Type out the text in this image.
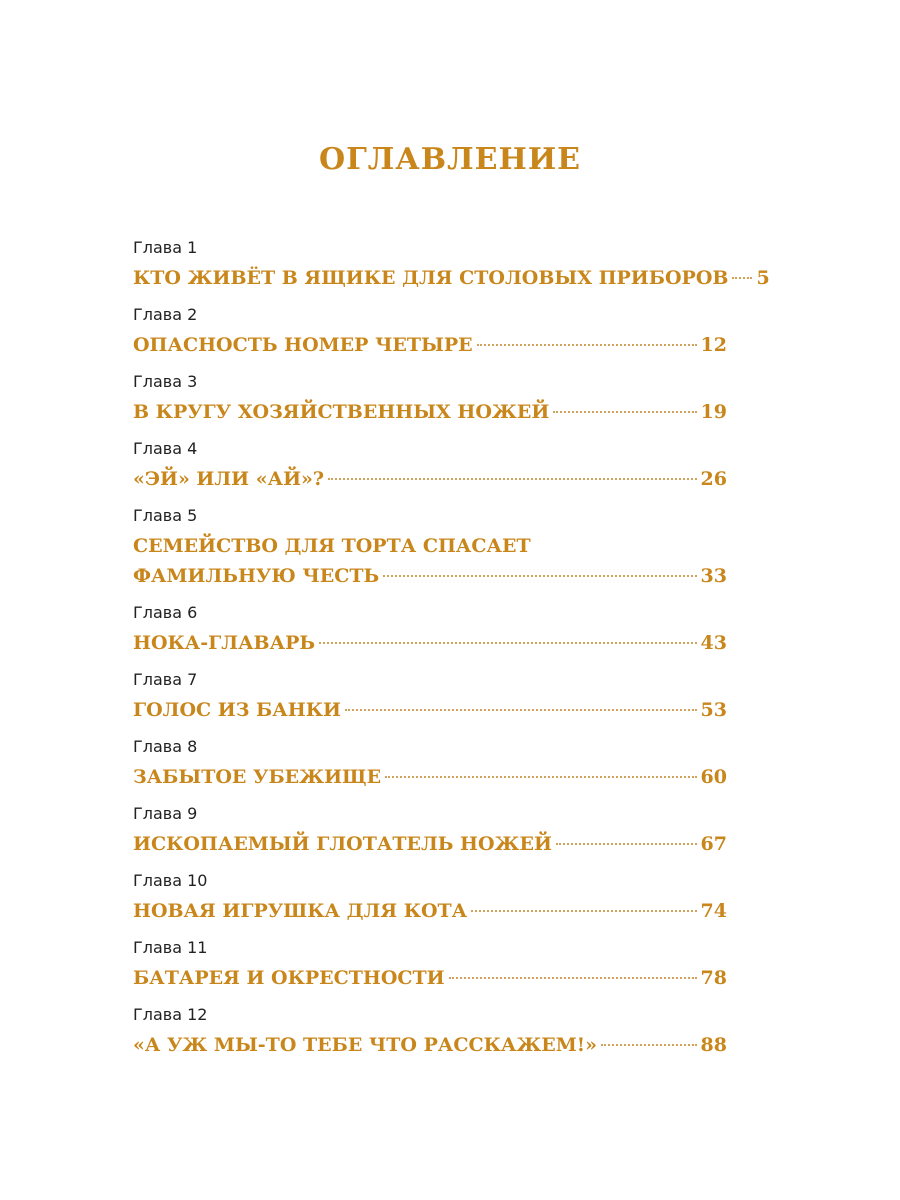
ОГЛАВЛЕНИЕ
Глава 1
КТО ЖИВЁТ В ЯЩИКЕ ДЛЯ СТОЛОВЫХ ПРИБОРОВ 5
Глава 2
ОПАСНОСТЬ НОМЕР ЧЕТЫРЕ	12
Глава 3
В КРУГУ ХОЗЯЙСТВЕННЫХ НОЖЕЙ	19
Глава 4
«ЭЙ» ИЛИ «АЙ»?	26
Глава 5
СЕМЕЙСТВО ДЛЯ ТОРТА СПАСАЕТ
ФАМИЛЬНУЮ ЧЕСТЬ	33
Глава 6
НОКА-ГЛАВАРЬ	43
Глава 7
ГОЛОС ИЗ БАНКИ	53
Глава 8
ЗАБЫТОЕ УБЕЖИЩЕ	60
Глава 9
ИСКОПАЕМЫЙ ГЛОТАТЕЛЬ НОЖЕЙ	67
Глава 10
НОВАЯ ИГРУШКА ДЛЯ КОТА	74
Глава 11
БАТАРЕЯ И ОКРЕСТНОСТИ	78
Глава 12
«А УЖ МЫ-ТО ТЕБЕ ЧТО РАССКАЖЕМ!»	88
